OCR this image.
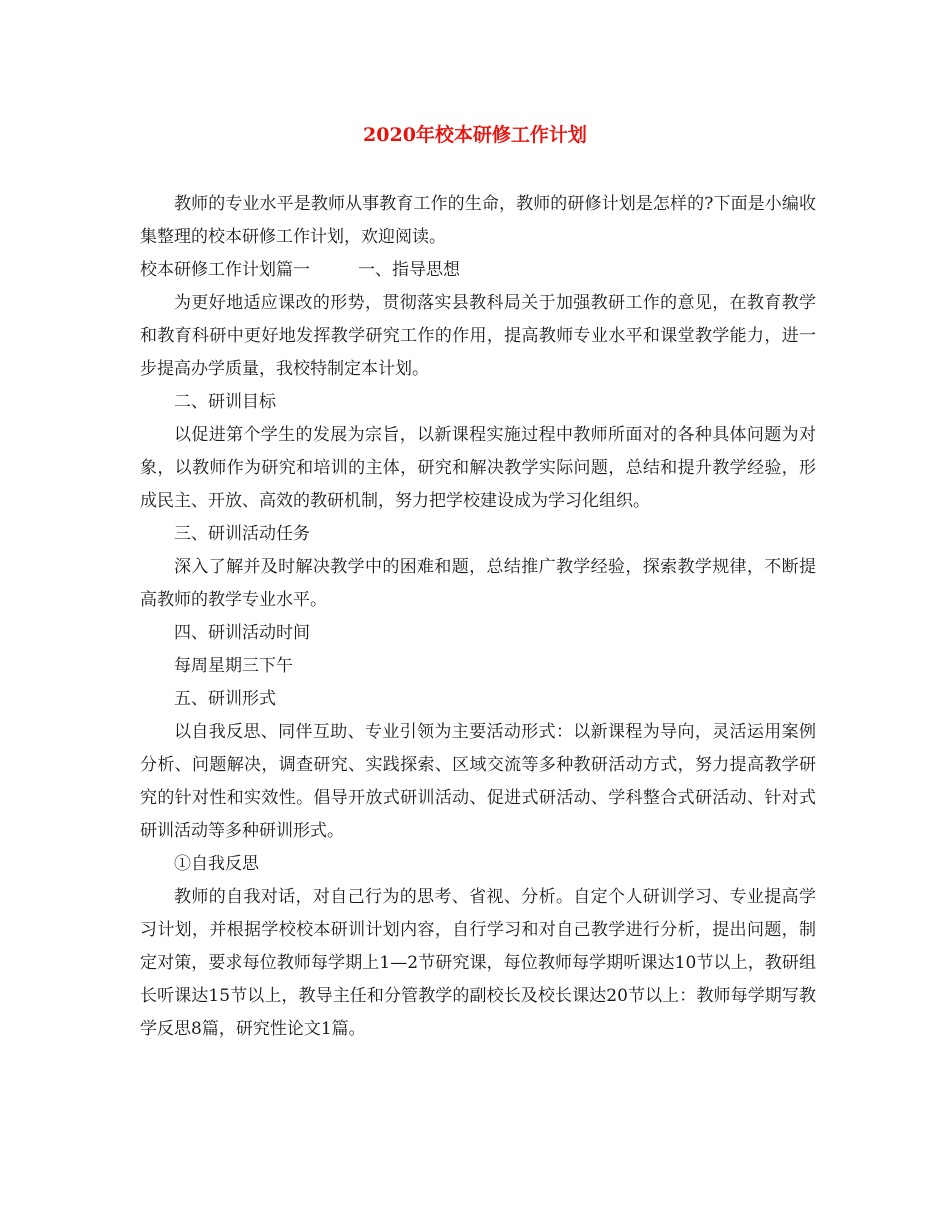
2020年校本研修工作计划

教师的专业水平是教师从事教育工作的生命，教师的研修计划是怎样的?下面是小编收集整理的校本研修工作计划，欢迎阅读。

校本研修工作计划篇一	一、指导思想

为更好地适应课改的形势，贯彻落实县教科局关于加强教研工作的意见，在教育教学和教育科研中更好地发挥教学研究工作的作用，提高教师专业水平和课堂教学能力，进一步提高办学质量，我校特制定本计划。

二、研训目标

以促进第个学生的发展为宗旨，以新课程实施过程中教师所面对的各种具体问题为对象，以教师作为研究和培训的主体，研究和解决教学实际问题，总结和提升教学经验，形成民主、开放、高效的教研机制，努力把学校建设成为学习化组织。

三、研训活动任务

深入了解并及时解决教学中的困难和题，总结推广教学经验，探索教学规律，不断提高教师的教学专业水平。

四、研训活动时间

每周星期三下午

五、研训形式

以自我反思、同伴互助、专业引领为主要活动形式：以新课程为导向，灵活运用案例分析、问题解决，调查研究、实践探索、区域交流等多种教研活动方式，努力提高教学研究的针对性和实效性。倡导开放式研训活动、促进式研活动、学科整合式研活动、针对式研训活动等多种研训形式。

①自我反思

教师的自我对话，对自己行为的思考、省视、分析。自定个人研训学习、专业提高学习计划，并根据学校校本研训计划内容，自行学习和对自己教学进行分析，提出问题，制定对策，要求每位教师每学期上1—2节研究课，每位教师每学期听课达10节以上，教研组长听课达15节以上，教导主任和分管教学的副校长及校长课达20节以上：教师每学期写教学反思8篇，研究性论文1篇。
